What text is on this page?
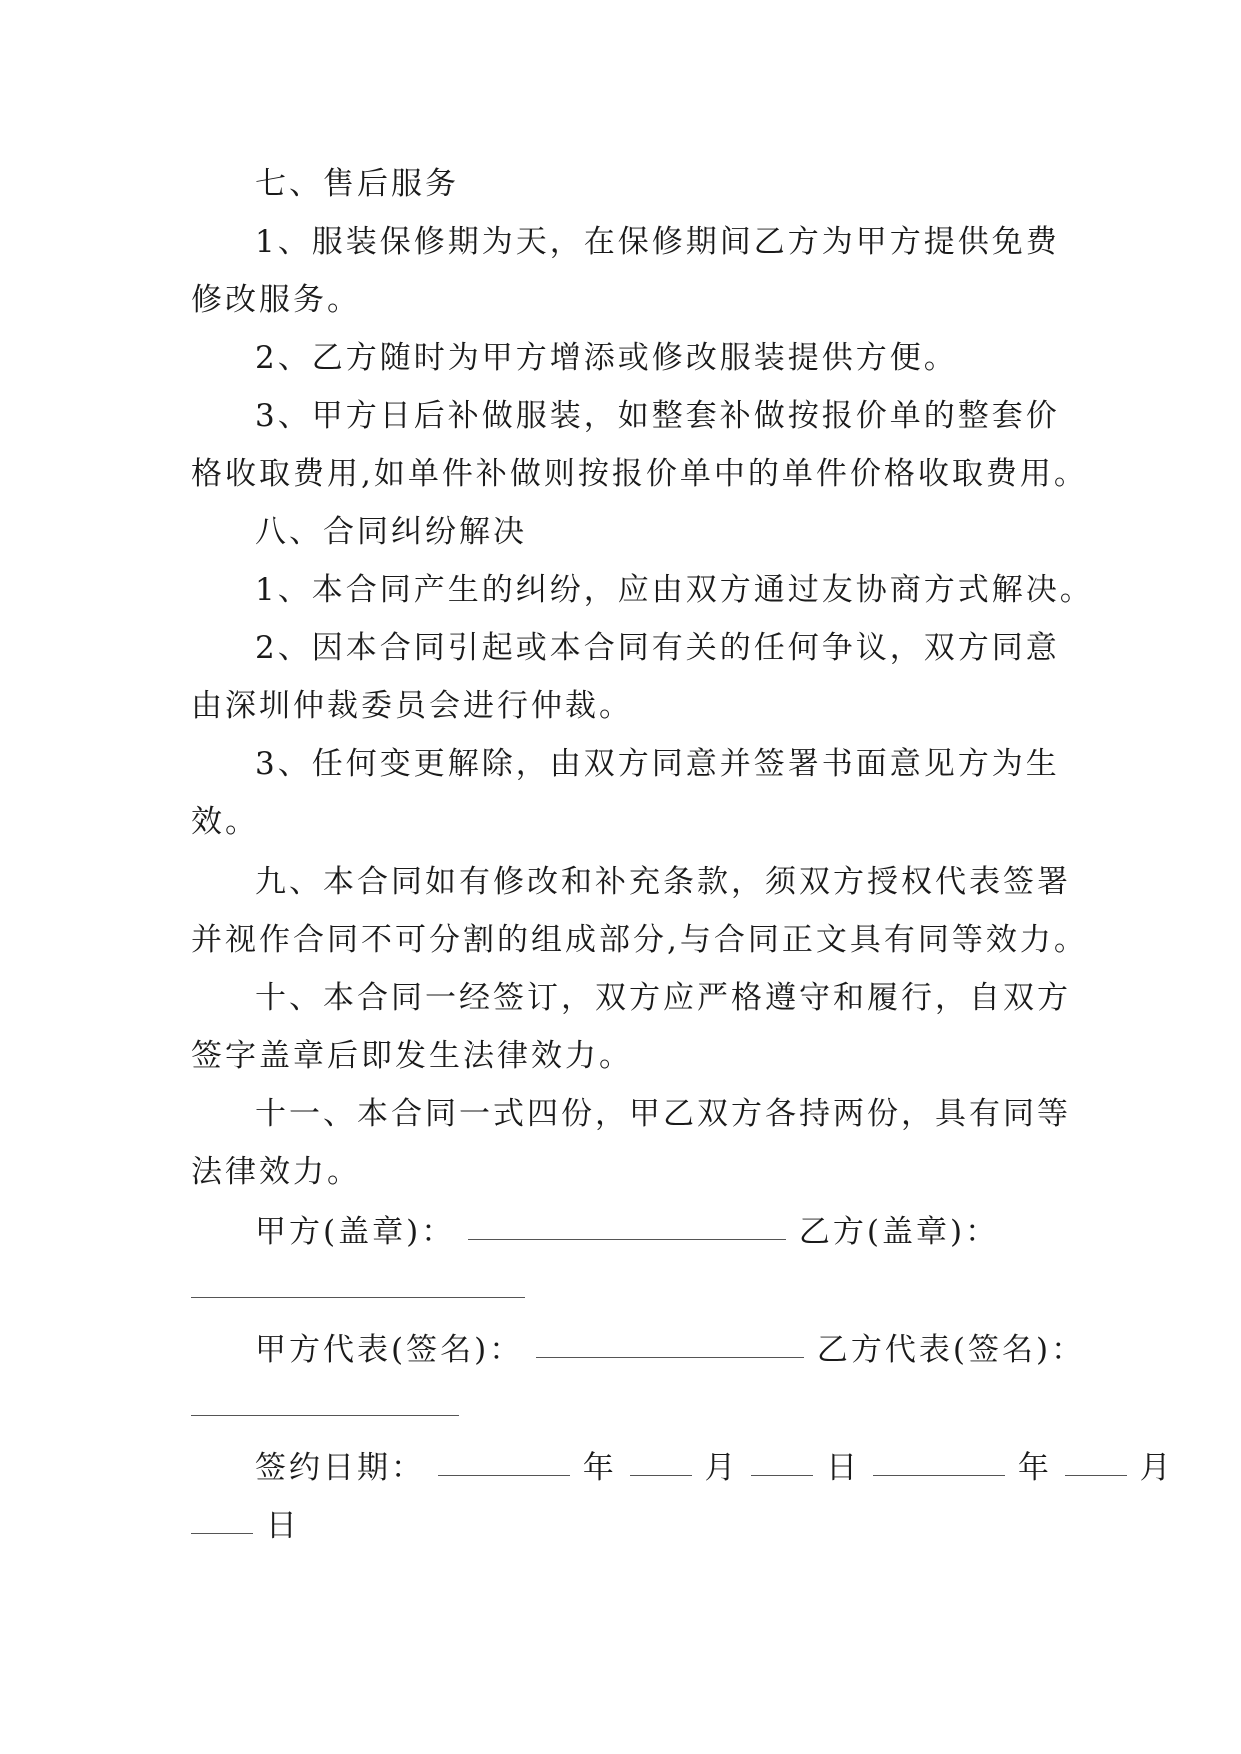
七、售后服务
1、服装保修期为天，在保修期间乙方为甲方提供免费
修改服务。
2、乙方随时为甲方增添或修改服装提供方便。
3、甲方日后补做服装，如整套补做按报价单的整套价
格收取费用,如单件补做则按报价单中的单件价格收取费用。
八、合同纠纷解决
1、本合同产生的纠纷，应由双方通过友协商方式解决。
2、因本合同引起或本合同有关的任何争议，双方同意
由深圳仲裁委员会进行仲裁。
3、任何变更解除，由双方同意并签署书面意见方为生
效。
九、本合同如有修改和补充条款，须双方授权代表签署
并视作合同不可分割的组成部分,与合同正文具有同等效力。
十、本合同一经签订，双方应严格遵守和履行，自双方
签字盖章后即发生法律效力。
十一、本合同一式四份，甲乙双方各持两份，具有同等
法律效力。
甲方(盖章)：	乙方(盖章)：
甲方代表(签名)：	乙方代表(签名)：
签约日期：	年	月	日	年	月
日
